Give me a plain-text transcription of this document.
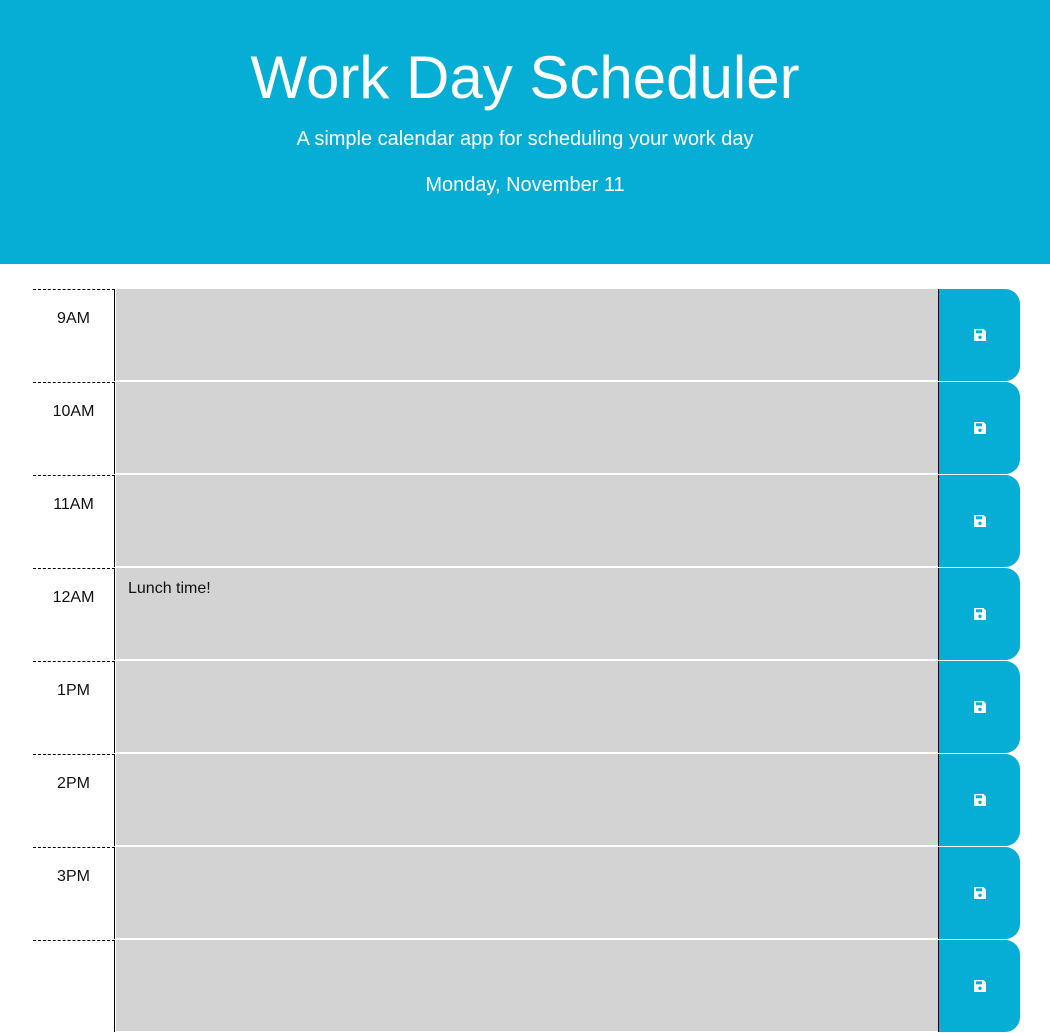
Work Day Scheduler

A simple calendar app for scheduling your work day

Monday, November 11

9AM
10AM
11AM
12AM
Lunch time!
1PM
2PM
3PM
